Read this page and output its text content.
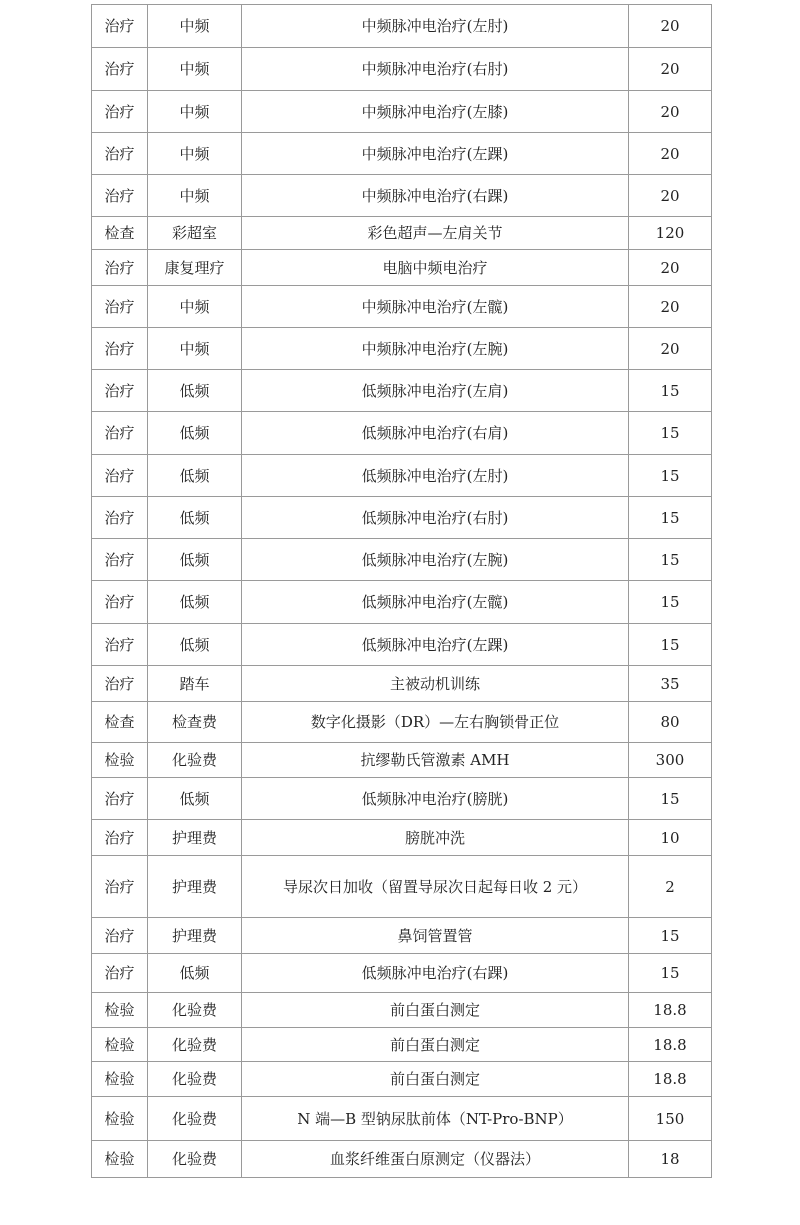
治疗	中频	中频脉冲电治疗(左肘)	20
治疗	中频	中频脉冲电治疗(右肘)	20
治疗	中频	中频脉冲电治疗(左膝)	20
治疗	中频	中频脉冲电治疗(左踝)	20
治疗	中频	中频脉冲电治疗(右踝)	20
检查	彩超室	彩色超声—左肩关节	120
治疗	康复理疗	电脑中频电治疗	20
治疗	中频	中频脉冲电治疗(左髋)	20
治疗	中频	中频脉冲电治疗(左腕)	20
治疗	低频	低频脉冲电治疗(左肩)	15
治疗	低频	低频脉冲电治疗(右肩)	15
治疗	低频	低频脉冲电治疗(左肘)	15
治疗	低频	低频脉冲电治疗(右肘)	15
治疗	低频	低频脉冲电治疗(左腕)	15
治疗	低频	低频脉冲电治疗(左髋)	15
治疗	低频	低频脉冲电治疗(左踝)	15
治疗	踏车	主被动机训练	35
检查	检查费	数字化摄影（DR）—左右胸锁骨正位	80
检验	化验费	抗缪勒氏管激素 AMH	300
治疗	低频	低频脉冲电治疗(膀胱)	15
治疗	护理费	膀胱冲洗	10
治疗	护理费	导尿次日加收（留置导尿次日起每日收 2 元）	2
治疗	护理费	鼻饲管置管	15
治疗	低频	低频脉冲电治疗(右踝)	15
检验	化验费	前白蛋白测定	18.8
检验	化验费	前白蛋白测定	18.8
检验	化验费	前白蛋白测定	18.8
检验	化验费	N 端—B 型钠尿肽前体（NT-Pro-BNP）	150
检验	化验费	血浆纤维蛋白原测定（仪器法）	18
